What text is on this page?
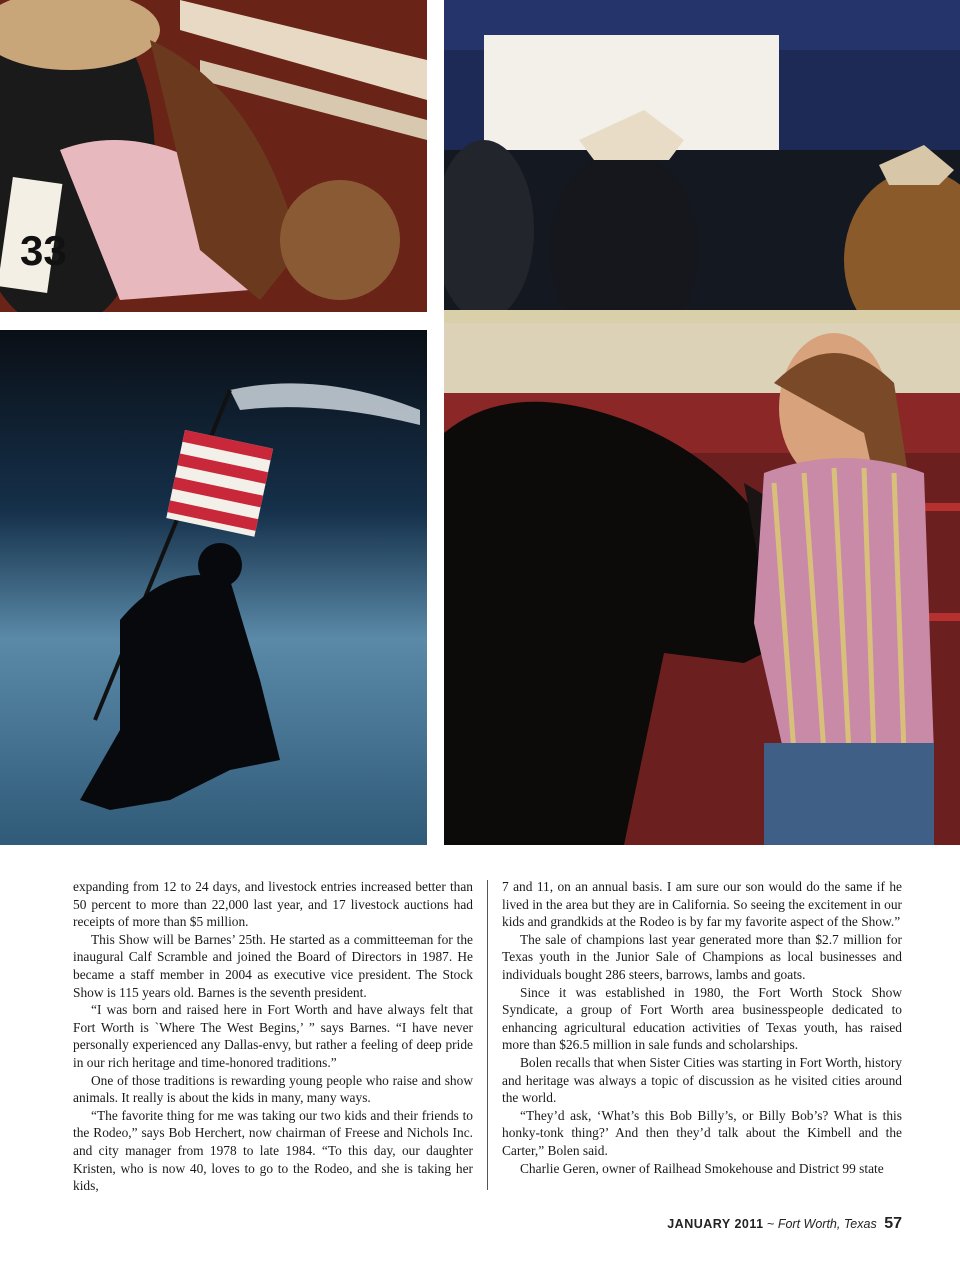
33

expanding from 12 to 24 days, and livestock entries increased better than 50 percent to more than 22,000 last year, and 17 livestock auctions had receipts of more than $5 million.

This Show will be Barnes’ 25th. He started as a committeeman for the inaugural Calf Scramble and joined the Board of Directors in 1987. He became a staff member in 2004 as executive vice president. The Stock Show is 115 years old. Barnes is the seventh president.

“I was born and raised here in Fort Worth and have always felt that Fort Worth is `Where The West Begins,’ ” says Barnes. “I have never personally experienced any Dallas-envy, but rather a feeling of deep pride in our rich heritage and time-honored traditions.”

One of those traditions is rewarding young people who raise and show animals. It really is about the kids in many, many ways.

“The favorite thing for me was taking our two kids and their friends to the Rodeo,” says Bob Herchert, now chairman of Freese and Nichols Inc. and city manager from 1978 to late 1984. “To this day, our daughter Kristen, who is now 40, loves to go to the Rodeo, and she is taking her kids,

7 and 11, on an annual basis. I am sure our son would do the same if he lived in the area but they are in California. So seeing the excitement in our kids and grandkids at the Rodeo is by far my favorite aspect of the Show.”

The sale of champions last year generated more than $2.7 million for Texas youth in the Junior Sale of Champions as local businesses and individuals bought 286 steers, barrows, lambs and goats.

Since it was established in 1980, the Fort Worth Stock Show Syndicate, a group of Fort Worth area businesspeople dedicated to enhancing agricultural education activities of Texas youth, has raised more than $26.5 million in sale funds and scholarships.

Bolen recalls that when Sister Cities was starting in Fort Worth, history and heritage was always a topic of discussion as he visited cities around the world.

“They’d ask, ‘What’s this Bob Billy’s, or Billy Bob’s? What is this honky-tonk thing?’ And then they’d talk about the Kimbell and the Carter,” Bolen said.

Charlie Geren, owner of Railhead Smokehouse and District 99 state

JANUARY 2011 ~ Fort Worth, Texas 57
